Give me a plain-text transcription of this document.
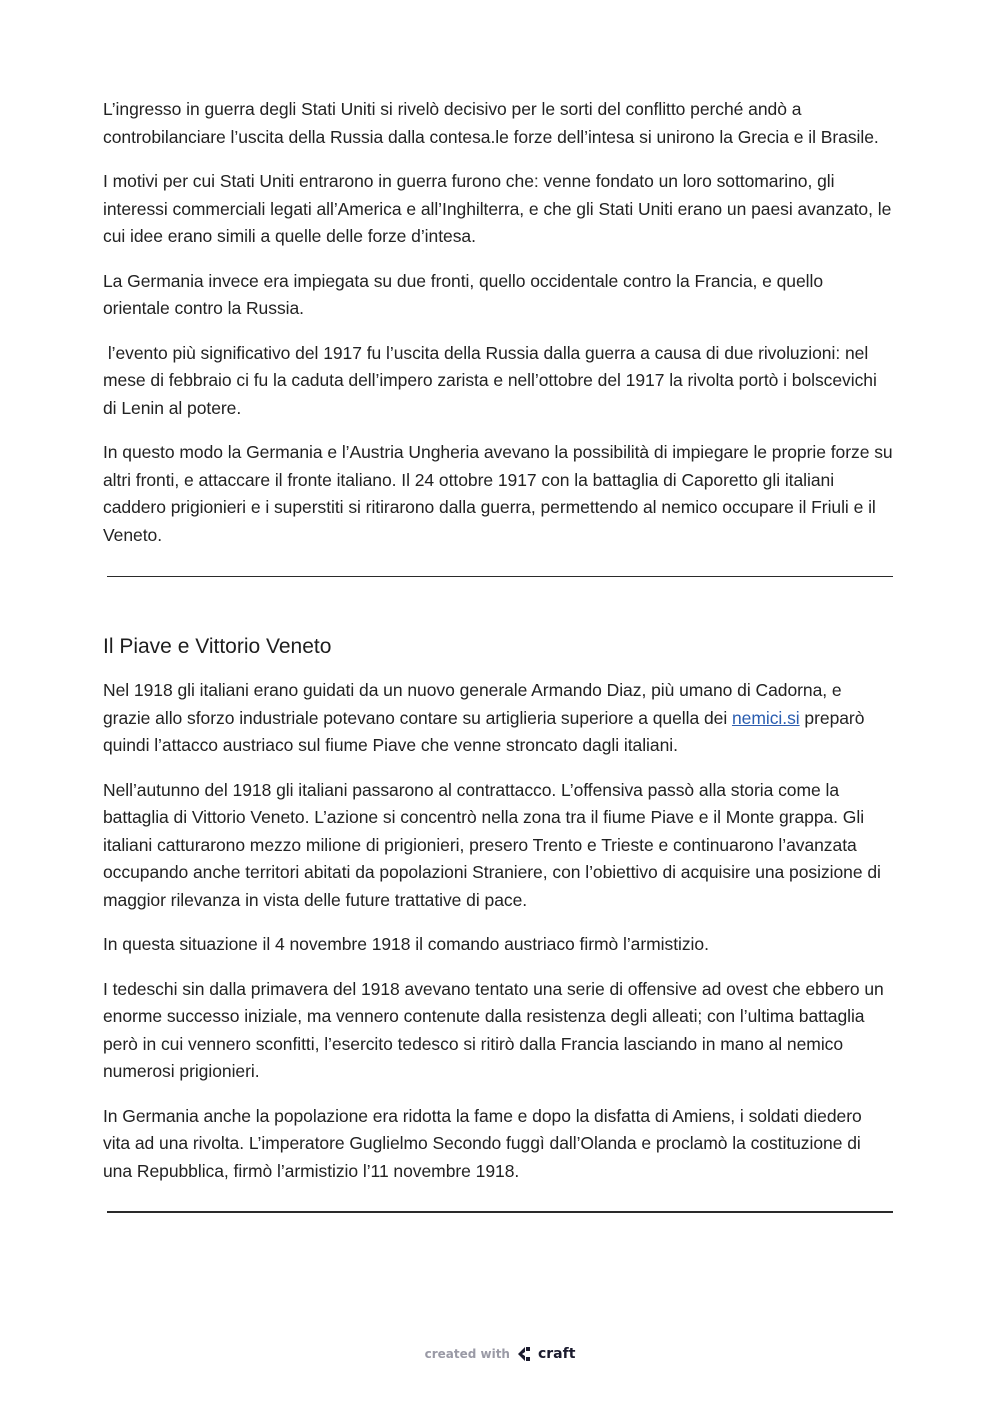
L’ingresso in guerra degli Stati Uniti si rivelò decisivo per le sorti del conflitto perché andò a controbilanciare l’uscita della Russia dalla contesa.le forze dell’intesa si unirono la Grecia e il Brasile.

I motivi per cui Stati Uniti entrarono in guerra furono che: venne fondato un loro sottomarino, gli interessi commerciali legati all’America e all’Inghilterra, e che gli Stati Uniti erano un paesi avanzato, le cui idee erano simili a quelle delle forze d’intesa.

La Germania invece era impiegata su due fronti, quello occidentale contro la Francia, e quello orientale contro la Russia.

l’evento più significativo del 1917 fu l’uscita della Russia dalla guerra a causa di due rivoluzioni: nel mese di febbraio ci fu la caduta dell’impero zarista e nell’ottobre del 1917 la rivolta portò i bolscevichi di Lenin al potere.

In questo modo la Germania e l’Austria Ungheria avevano la possibilità di impiegare le proprie forze su altri fronti, e attaccare il fronte italiano. Il 24 ottobre 1917 con la battaglia di Caporetto gli italiani caddero prigionieri e i superstiti si ritirarono dalla guerra, permettendo al nemico occupare il Friuli e il Veneto.

Il Piave e Vittorio Veneto

Nel 1918 gli italiani erano guidati da un nuovo generale Armando Diaz, più umano di Cadorna, e grazie allo sforzo industriale potevano contare su artiglieria superiore a quella dei nemici.si preparò quindi l’attacco austriaco sul fiume Piave che venne stroncato dagli italiani.

Nell’autunno del 1918 gli italiani passarono al contrattacco. L’offensiva passò alla storia come la battaglia di Vittorio Veneto. L’azione si concentrò nella zona tra il fiume Piave e il Monte grappa. Gli italiani catturarono mezzo milione di prigionieri, presero Trento e Trieste e continuarono l’avanzata occupando anche territori abitati da popolazioni Straniere, con l’obiettivo di acquisire una posizione di maggior rilevanza in vista delle future trattative di pace.

In questa situazione il 4 novembre 1918 il comando austriaco firmò l’armistizio.

I tedeschi sin dalla primavera del 1918 avevano tentato una serie di offensive ad ovest che ebbero un enorme successo iniziale, ma vennero contenute dalla resistenza degli alleati; con l’ultima battaglia però in cui vennero sconfitti, l’esercito tedesco si ritirò dalla Francia lasciando in mano al nemico numerosi prigionieri.

In Germania anche la popolazione era ridotta la fame e dopo la disfatta di Amiens, i soldati diedero vita ad una rivolta. L’imperatore Guglielmo Secondo fuggì dall’Olanda e proclamò la costituzione di una Repubblica, firmò l’armistizio l’11 novembre 1918.

created with craft
